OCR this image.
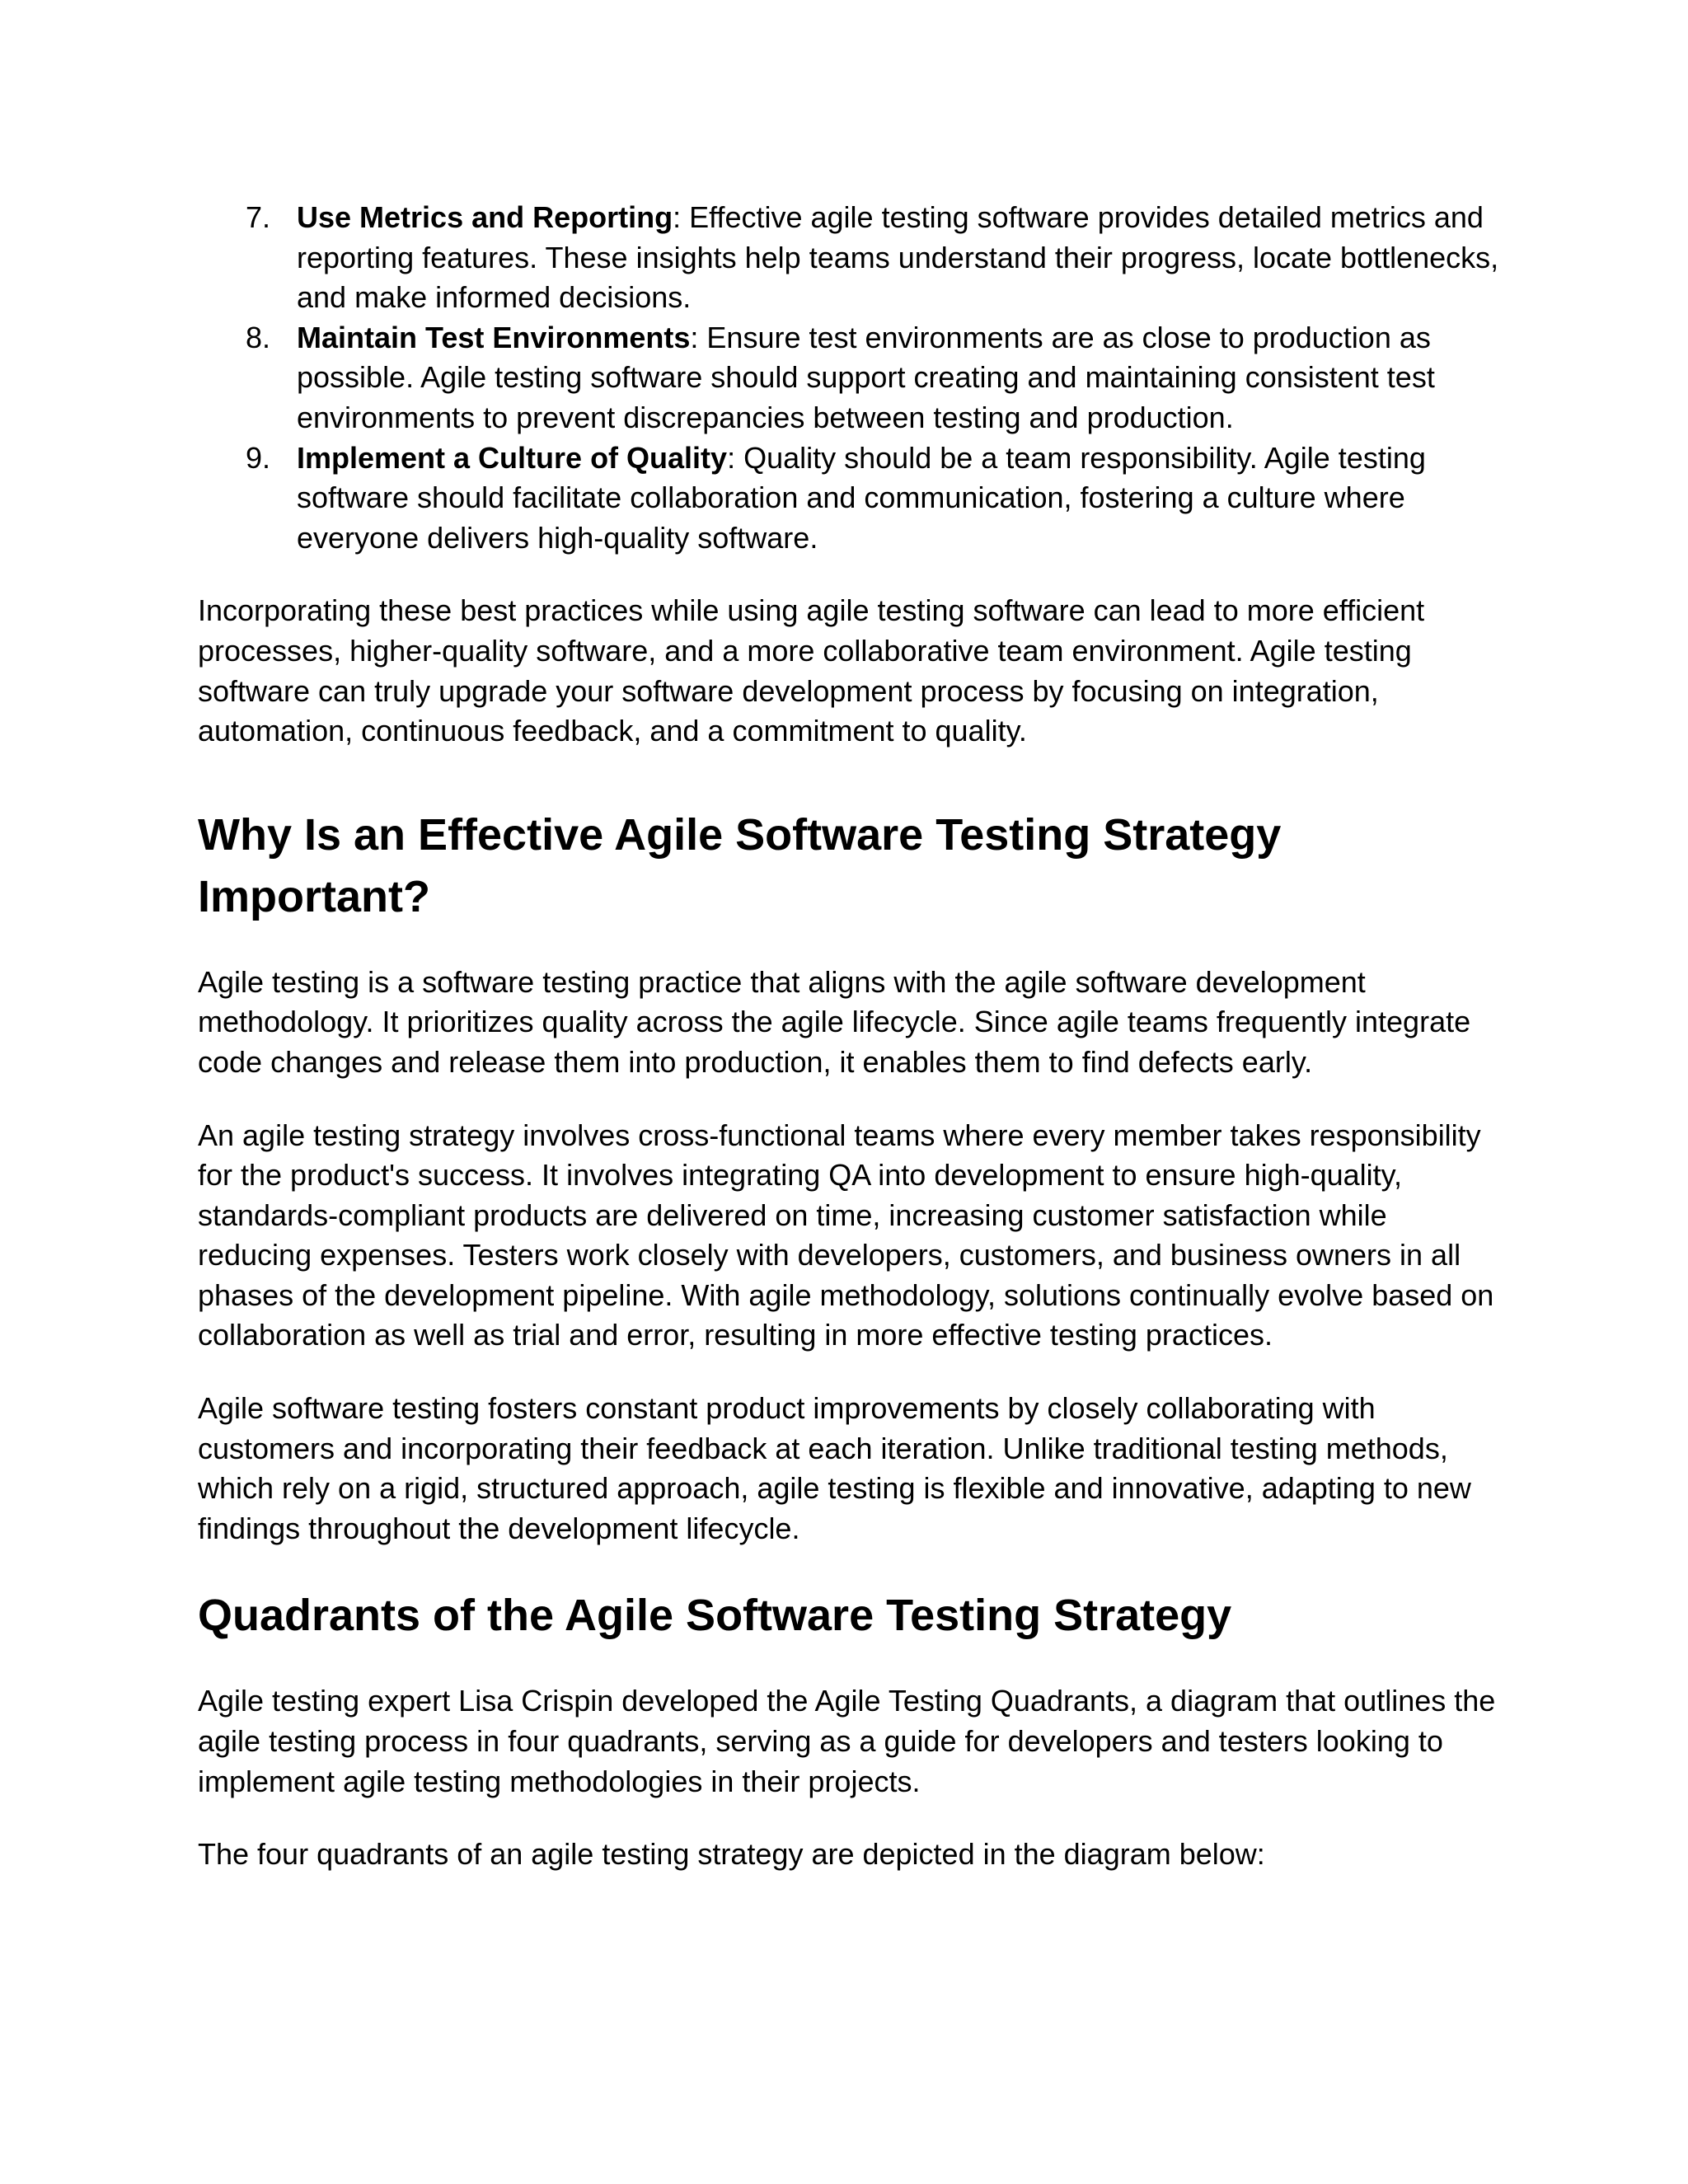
7. Use Metrics and Reporting: Effective agile testing software provides detailed metrics and reporting features. These insights help teams understand their progress, locate bottlenecks, and make informed decisions.
8. Maintain Test Environments: Ensure test environments are as close to production as possible. Agile testing software should support creating and maintaining consistent test environments to prevent discrepancies between testing and production.
9. Implement a Culture of Quality: Quality should be a team responsibility. Agile testing software should facilitate collaboration and communication, fostering a culture where everyone delivers high-quality software.

Incorporating these best practices while using agile testing software can lead to more efficient processes, higher-quality software, and a more collaborative team environment. Agile testing software can truly upgrade your software development process by focusing on integration, automation, continuous feedback, and a commitment to quality.

Why Is an Effective Agile Software Testing Strategy Important?

Agile testing is a software testing practice that aligns with the agile software development methodology. It prioritizes quality across the agile lifecycle. Since agile teams frequently integrate code changes and release them into production, it enables them to find defects early.

An agile testing strategy involves cross-functional teams where every member takes responsibility for the product's success. It involves integrating QA into development to ensure high-quality, standards-compliant products are delivered on time, increasing customer satisfaction while reducing expenses. Testers work closely with developers, customers, and business owners in all phases of the development pipeline. With agile methodology, solutions continually evolve based on collaboration as well as trial and error, resulting in more effective testing practices.

Agile software testing fosters constant product improvements by closely collaborating with customers and incorporating their feedback at each iteration. Unlike traditional testing methods, which rely on a rigid, structured approach, agile testing is flexible and innovative, adapting to new findings throughout the development lifecycle.

Quadrants of the Agile Software Testing Strategy

Agile testing expert Lisa Crispin developed the Agile Testing Quadrants, a diagram that outlines the agile testing process in four quadrants, serving as a guide for developers and testers looking to implement agile testing methodologies in their projects.

The four quadrants of an agile testing strategy are depicted in the diagram below:
